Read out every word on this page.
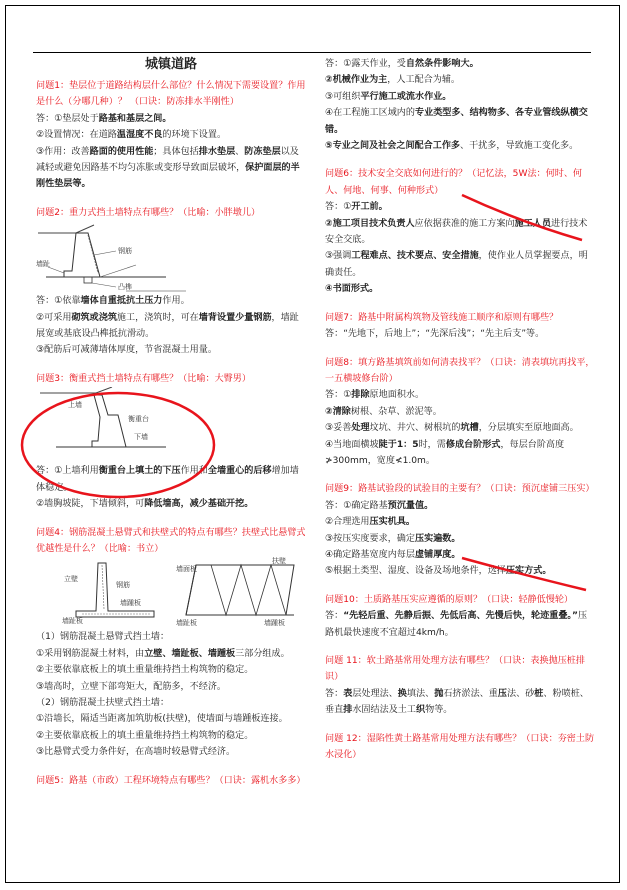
城镇道路

问题1：垫层位于道路结构层什么部位？什么情况下需要设置？作用是什么（分哪几种）？ （口诀：防冻排水半刚性）

答：①垫层处于路基和基层之间。

②设置情况：在道路温湿度不良的环境下设置。

③作用：改善路面的使用性能；具体包括排水垫层、防冻垫层以及减轻或避免因路基不均匀冻胀或变形导致面层破坏，保护面层的半刚性垫层等。

问题2：重力式挡土墙特点有哪些？（比喻：小胖墩儿）

墙趾
钢筋
凸榫

答：①依靠墙体自重抵抗土压力作用。

②可采用砌筑或浇筑施工，浇筑时，可在墙背设置少量钢筋，墙趾展宽或基底设凸榫抵抗滑动。

③配筋后可减薄墙体厚度，节省混凝土用量。

问题3：衡重式挡土墙特点有哪些？（比喻：大臀男）

上墙
衡重台
下墙

答：①上墙利用衡重台上填土的下压作用和全墙重心的后移增加墙体稳定。

②墙胸坡陡，下墙倾斜，可降低墙高，减少基础开挖。

问题4：钢筋混凝土悬臂式和扶壁式的特点有哪些？扶壁式比悬臂式优越性是什么？（比喻：书立）

立壁
钢筋
墙趾板
墙踵板
墙面板
扶壁
墙趾板	墙踵板

（1）钢筋混凝土悬臂式挡土墙：

①采用钢筋混凝土材料，由立壁、墙趾板、墙踵板三部分组成。

②主要依靠底板上的填土重量维持挡土构筑物的稳定。

③墙高时，立壁下部弯矩大，配筋多，不经济。

（2）钢筋混凝土扶壁式挡土墙：

①沿墙长，隔适当距离加筑肋板(扶壁)，使墙面与墙踵板连接。

②主要依靠底板上的填土重量维持挡土构筑物的稳定。

③比悬臂式受力条件好，在高墙时较悬臂式经济。

问题5：路基（市政）工程环境特点有哪些？（口诀：露机水多多）

答：①露天作业，受自然条件影响大。

②机械作业为主，人工配合为辅。

③可组织平行施工或流水作业。

④在工程施工区域内的专业类型多、结构物多、各专业管线纵横交错。

⑤专业之间及社会之间配合工作多、干扰多，导致施工变化多。

问题6：技术安全交底如何进行的？（记忆法，5W法：何时、何人、何地、何事、何种形式）

答：①开工前。

②施工项目技术负责人应依据获准的施工方案向施工人员进行技术安全交底。

③强调工程难点、技术要点、安全措施，使作业人员掌握要点，明确责任。

④书面形式。

问题7：路基中附属构筑物及管线施工顺序和原则有哪些？

答：“先地下，后地上”；“先深后浅”；“先主后支”等。

问题8：填方路基填筑前如何清表找平？（口诀：清表填坑再找平，一五横坡修台阶）

答：①排除原地面积水。

②清除树根、杂草、淤泥等。

③妥善处理坟坑、井穴、树根坑的坑槽，分层填实至原地面高。

④当地面横坡陡于1：5时，需修成台阶形式，每层台阶高度≯300mm，宽度≮1.0m。

问题9：路基试验段的试验目的主要有？（口诀：预沉虚铺三压实）

答：①确定路基预沉量值。

②合理选用压实机具。

③按压实度要求，确定压实遍数。

④确定路基宽度内每层虚铺厚度。

⑤根据土类型、湿度、设备及场地条件，选择压实方式。

问题10：土质路基压实应遵循的原则？（口诀：轻静低慢轮）

答：“先轻后重、先静后振、先低后高、先慢后快，轮迹重叠。”压路机最快速度不宜超过4km/h。

问题 11：软土路基常用处理方法有哪些？（口诀：表换抛压桩排识）

答：表层处理法、换填法、抛石挤淤法、重压法、砂桩、粉喷桩、垂直排水固结法及土工织物等。

问题 12：湿陷性黄土路基常用处理方法有哪些？（口诀：夯密土防水浸化）
